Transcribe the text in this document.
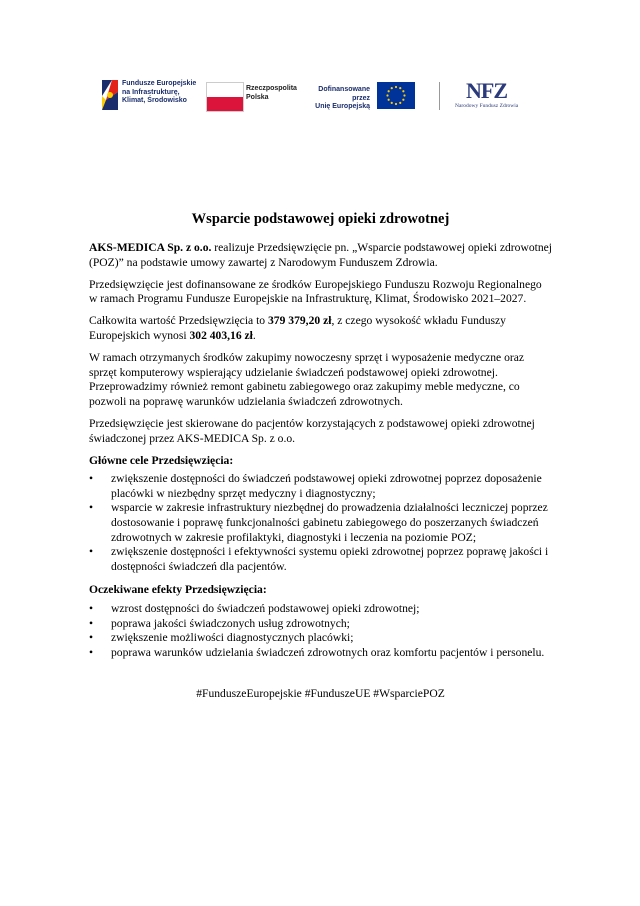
Fundusze Europejskie
na Infrastrukturę,
Klimat, Środowisko
Rzeczpospolita
Polska
Dofinansowane przez
Unię Europejską
NFZ
Narodowy Fundusz Zdrowia
Wsparcie podstawowej opieki zdrowotnej

AKS-MEDICA Sp. z o.o. realizuje Przedsięwzięcie pn. „Wsparcie podstawowej opieki zdrowotnej (POZ)” na podstawie umowy zawartej z Narodowym Funduszem Zdrowia.

Przedsięwzięcie jest dofinansowane ze środków Europejskiego Funduszu Rozwoju Regionalnego w ramach Programu Fundusze Europejskie na Infrastrukturę, Klimat, Środowisko 2021–2027.

Całkowita wartość Przedsięwzięcia to 379 379,20 zł, z czego wysokość wkładu Funduszy Europejskich wynosi 302 403,16 zł.

W ramach otrzymanych środków zakupimy nowoczesny sprzęt i wyposażenie medyczne oraz sprzęt komputerowy wspierający udzielanie świadczeń podstawowej opieki zdrowotnej. Przeprowadzimy również remont gabinetu zabiegowego oraz zakupimy meble medyczne, co pozwoli na poprawę warunków udzielania świadczeń zdrowotnych.

Przedsięwzięcie jest skierowane do pacjentów korzystających z podstawowej opieki zdrowotnej świadczonej przez AKS-MEDICA Sp. z o.o.

Główne cele Przedsięwzięcia:
• zwiększenie dostępności do świadczeń podstawowej opieki zdrowotnej poprzez doposażenie placówki w niezbędny sprzęt medyczny i diagnostyczny;
• wsparcie w zakresie infrastruktury niezbędnej do prowadzenia działalności leczniczej poprzez dostosowanie i poprawę funkcjonalności gabinetu zabiegowego do poszerzanych świadczeń zdrowotnych w zakresie profilaktyki, diagnostyki i leczenia na poziomie POZ;
• zwiększenie dostępności i efektywności systemu opieki zdrowotnej poprzez poprawę jakości i dostępności świadczeń dla pacjentów.
Oczekiwane efekty Przedsięwzięcia:
• wzrost dostępności do świadczeń podstawowej opieki zdrowotnej;
• poprawa jakości świadczonych usług zdrowotnych;
• zwiększenie możliwości diagnostycznych placówki;
• poprawa warunków udzielania świadczeń zdrowotnych oraz komfortu pacjentów i personelu.

#FunduszeEuropejskie #FunduszeUE #WsparciePOZ
